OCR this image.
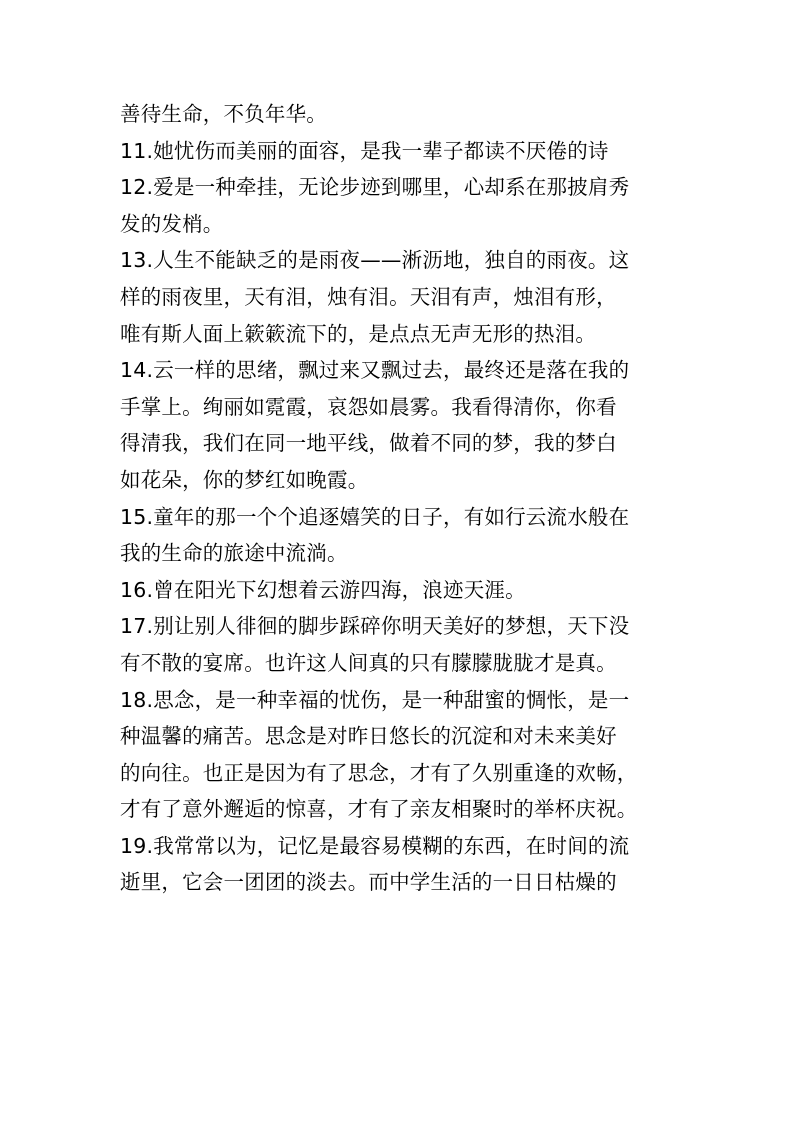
善待生命，不负年华。
11.她忧伤而美丽的面容，是我一辈子都读不厌倦的诗
12.爱是一种牵挂，无论步迹到哪里，心却系在那披肩秀
发的发梢。
13.人生不能缺乏的是雨夜——淅沥地，独自的雨夜。这
样的雨夜里，天有泪，烛有泪。天泪有声，烛泪有形，
唯有斯人面上簌簌流下的，是点点无声无形的热泪。
14.云一样的思绪，飘过来又飘过去，最终还是落在我的
手掌上。绚丽如霓霞，哀怨如晨雾。我看得清你，你看
得清我，我们在同一地平线，做着不同的梦，我的梦白
如花朵，你的梦红如晚霞。
15.童年的那一个个追逐嬉笑的日子，有如行云流水般在
我的生命的旅途中流淌。
16.曾在阳光下幻想着云游四海，浪迹天涯。
17.别让别人徘徊的脚步踩碎你明天美好的梦想，天下没
有不散的宴席。也许这人间真的只有朦朦胧胧才是真。
18.思念，是一种幸福的忧伤，是一种甜蜜的惆怅，是一
种温馨的痛苦。思念是对昨日悠长的沉淀和对未来美好
的向往。也正是因为有了思念，才有了久别重逢的欢畅，
才有了意外邂逅的惊喜，才有了亲友相聚时的举杯庆祝。
19.我常常以为，记忆是最容易模糊的东西，在时间的流
逝里，它会一团团的淡去。而中学生活的一日日枯燥的
